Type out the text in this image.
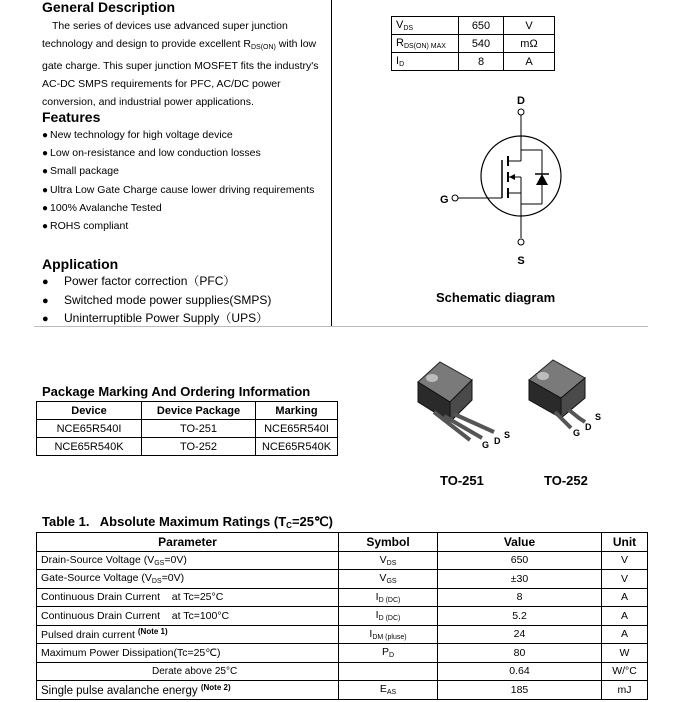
General Description
The series of devices use advanced super junction
technology and design to provide excellent $R_{DS(ON)}$ with low
gate charge. This super junction MOSFET fits the industry's
AC-DC SMPS requirements for PFC, AC/DC power
conversion, and industrial power applications.
Features
● New technology for high voltage device
● Low on-resistance and low conduction losses
● Small package
● Ultra Low Gate Charge cause lower driving requirements
● 100% Avalanche Tested
● ROHS compliant
Application
● Power factor correction（PFC）
● Switched mode power supplies(SMPS)
● Uninterruptible Power Supply（UPS）
$V_{DS}$	650	V
$R_{DS(ON) MAX}$	540	mΩ
$I_D$	8	A
D
G
S
Schematic diagram
Package Marking And Ordering Information
Device	Device Package	Marking
NCE65R540I	TO-251	NCE65R540I
NCE65R540K	TO-252	NCE65R540K	G D
S	G
D
S
TO-251	TO-252
Table 1.   Absolute Maximum Ratings $(T_C=25℃)$
Parameter	Symbol	Value	Unit
Drain-Source Voltage $(V_{GS}=0V)$	$V_{DS}$	650	V
Gate-Source Voltage $(V_{DS}=0V)$	$V_{GS}$	±30	V
Continuous Drain Current    at Tc=25°C	$I_{D (DC)}$	8	A
Continuous Drain Current    at Tc=100°C	$I_{D (DC)}$	5.2	A
Pulsed drain current $^{(Note 1)}$	$I_{DM (pluse)}$	24	A
Maximum Power Dissipation(Tc=25℃)	$P_D$	80	W
Derate above 25°C		0.64	W/°C
Single pulse avalanche energy $^{(Note 2)}$	$E_{AS}$	185	mJ
